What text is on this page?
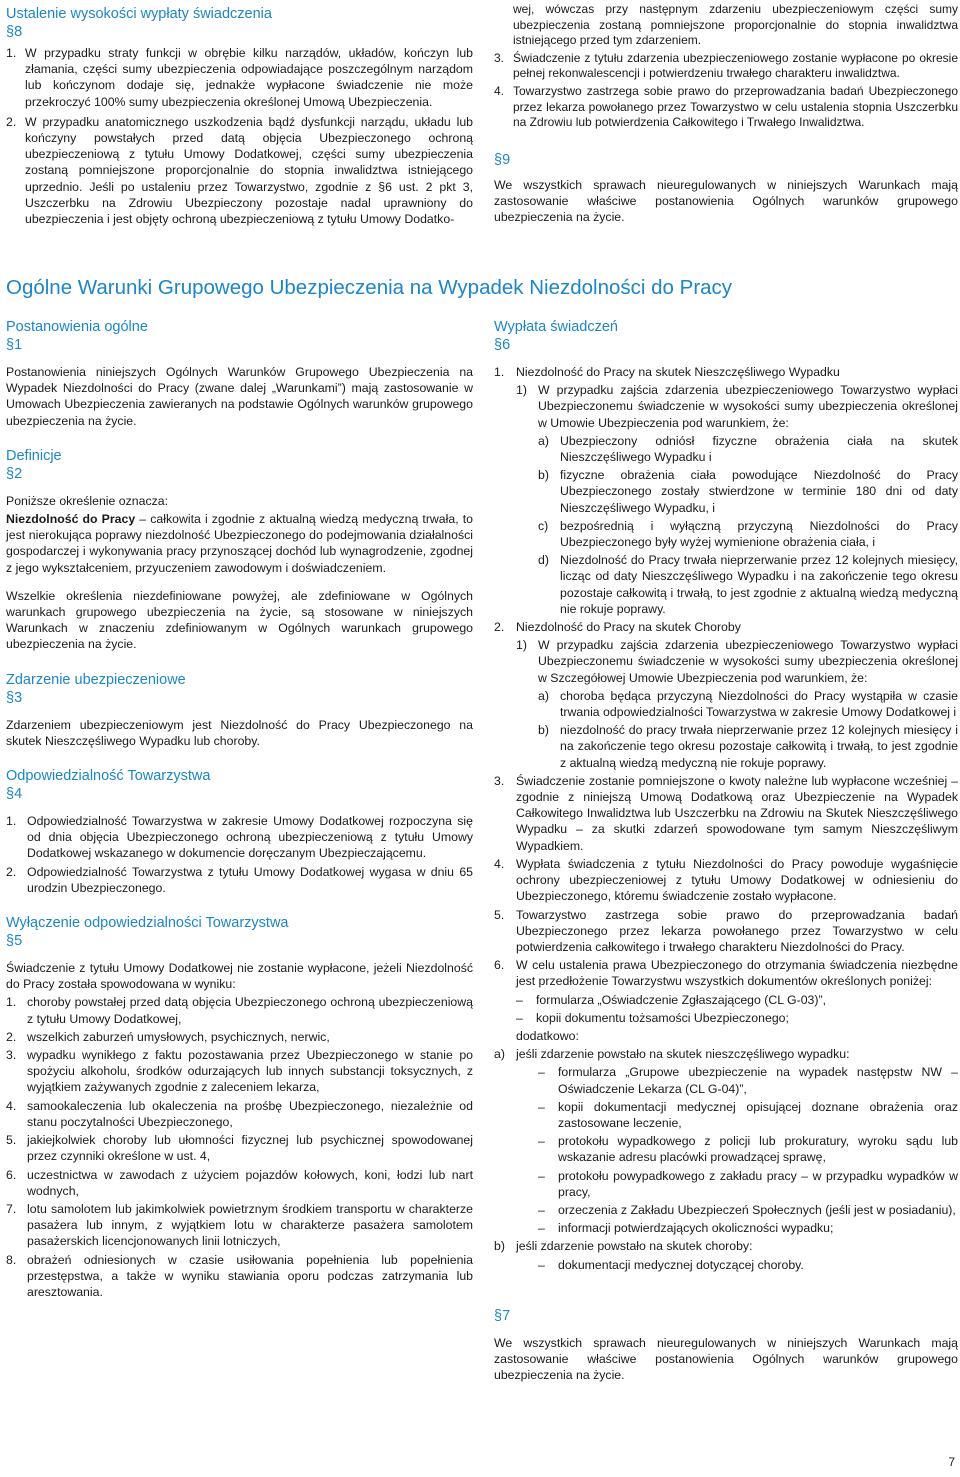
Ustalenie wysokości wypłaty świadczenia
§8
1. W przypadku straty funkcji w obrębie kilku narządów, układów, kończyn lub złamania, części sumy ubezpieczenia odpowiadające poszczególnym narządom lub kończynom dodaje się, jednakże wypłacone świadczenie nie może przekroczyć 100% sumy ubezpieczenia określonej Umową Ubezpieczenia.
2. W przypadku anatomicznego uszkodzenia bądź dysfunkcji narządu, układu lub kończyny powstałych przed datą objęcia Ubezpieczonego ochroną ubezpieczeniową z tytułu Umowy Dodatkowej, części sumy ubezpieczenia zostaną pomniejszone proporcjonalnie do stopnia inwalidztwa istniejącego uprzednio. Jeśli po ustaleniu przez Towarzystwo, zgodnie z §6 ust. 2 pkt 3, Uszczerbku na Zdrowiu Ubezpieczony pozostaje nadal uprawniony do ubezpieczenia i jest objęty ochroną ubezpieczeniową z tytułu Umowy Dodatko-
wej, wówczas przy następnym zdarzeniu ubezpieczeniowym części sumy ubezpieczenia zostaną pomniejszone proporcjonalnie do stopnia inwalidztwa istniejącego przed tym zdarzeniem.
3. Świadczenie z tytułu zdarzenia ubezpieczeniowego zostanie wypłacone po okresie pełnej rekonwalescencji i potwierdzeniu trwałego charakteru inwalidztwa.
4. Towarzystwo zastrzega sobie prawo do przeprowadzania badań Ubezpieczonego przez lekarza powołanego przez Towarzystwo w celu ustalenia stopnia Uszczerbku na Zdrowiu lub potwierdzenia Całkowitego i Trwałego Inwalidztwa.
§9

We wszystkich sprawach nieuregulowanych w niniejszych Warunkach mają zastosowanie właściwe postanowienia Ogólnych warunków grupowego ubezpieczenia na życie.

Ogólne Warunki Grupowego Ubezpieczenia na Wypadek Niezdolności do Pracy
Postanowienia ogólne
§1

Postanowienia niniejszych Ogólnych Warunków Grupowego Ubezpieczenia na Wypadek Niezdolności do Pracy (zwane dalej „Warunkami”) mają zastosowanie w Umowach Ubezpieczenia zawieranych na podstawie Ogólnych warunków grupowego ubezpieczenia na życie.

Definicje
§2

Poniższe określenie oznacza:

Niezdolność do Pracy – całkowita i zgodnie z aktualną wiedzą medyczną trwała, to jest nierokująca poprawy niezdolność Ubezpieczonego do podejmowania działalności gospodarczej i wykonywania pracy przynoszącej dochód lub wynagrodzenie, zgodnej z jego wykształceniem, przyuczeniem zawodowym i doświadczeniem.

Wszelkie określenia niezdefiniowane powyżej, ale zdefiniowane w Ogólnych warunkach grupowego ubezpieczenia na życie, są stosowane w niniejszych Warunkach w znaczeniu zdefiniowanym w Ogólnych warunkach grupowego ubezpieczenia na życie.

Zdarzenie ubezpieczeniowe
§3

Zdarzeniem ubezpieczeniowym jest Niezdolność do Pracy Ubezpieczonego na skutek Nieszczęśliwego Wypadku lub choroby.

Odpowiedzialność Towarzystwa
§4
1. Odpowiedzialność Towarzystwa w zakresie Umowy Dodatkowej rozpoczyna się od dnia objęcia Ubezpieczonego ochroną ubezpieczeniową z tytułu Umowy Dodatkowej wskazanego w dokumencie doręczanym Ubezpieczającemu.
2. Odpowiedzialność Towarzystwa z tytułu Umowy Dodatkowej wygasa w dniu 65 urodzin Ubezpieczonego.
Wyłączenie odpowiedzialności Towarzystwa
§5

Świadczenie z tytułu Umowy Dodatkowej nie zostanie wypłacone, jeżeli Niezdolność do Pracy została spowodowana w wyniku:

1. choroby powstałej przed datą objęcia Ubezpieczonego ochroną ubezpieczeniową z tytułu Umowy Dodatkowej,
2. wszelkich zaburzeń umysłowych, psychicznych, nerwic,
3. wypadku wynikłego z faktu pozostawania przez Ubezpieczonego w stanie po spożyciu alkoholu, środków odurzających lub innych substancji toksycznych, z wyjątkiem zażywanych zgodnie z zaleceniem lekarza,
4. samookaleczenia lub okaleczenia na prośbę Ubezpieczonego, niezależnie od stanu poczytalności Ubezpieczonego,
5. jakiejkolwiek choroby lub ułomności fizycznej lub psychicznej spowodowanej przez czynniki określone w ust. 4,
6. uczestnictwa w zawodach z użyciem pojazdów kołowych, koni, łodzi lub nart wodnych,
7. lotu samolotem lub jakimkolwiek powietrznym środkiem transportu w charakterze pasażera lub innym, z wyjątkiem lotu w charakterze pasażera samolotem pasażerskich licencjonowanych linii lotniczych,
8. obrażeń odniesionych w czasie usiłowania popełnienia lub popełnienia przestępstwa, a także w wyniku stawiania oporu podczas zatrzymania lub aresztowania.
Wypłata świadczeń
§6
1. Niezdolność do Pracy na skutek Nieszczęśliwego Wypadku
1) W przypadku zajścia zdarzenia ubezpieczeniowego Towarzystwo wypłaci Ubezpieczonemu świadczenie w wysokości sumy ubezpieczenia określonej w Umowie Ubezpieczenia pod warunkiem, że:
a) Ubezpieczony odniósł fizyczne obrażenia ciała na skutek Nieszczęśliwego Wypadku i
b) fizyczne obrażenia ciała powodujące Niezdolność do Pracy Ubezpieczonego zostały stwierdzone w terminie 180 dni od daty Nieszczęśliwego Wypadku, i
c) bezpośrednią i wyłączną przyczyną Niezdolności do Pracy Ubezpieczonego były wyżej wymienione obrażenia ciała, i
d) Niezdolność do Pracy trwała nieprzerwanie przez 12 kolejnych miesięcy, licząc od daty Nieszczęśliwego Wypadku i na zakończenie tego okresu pozostaje całkowitą i trwałą, to jest zgodnie z aktualną wiedzą medyczną nie rokuje poprawy.
2. Niezdolność do Pracy na skutek Choroby
1) W przypadku zajścia zdarzenia ubezpieczeniowego Towarzystwo wypłaci Ubezpieczonemu świadczenie w wysokości sumy ubezpieczenia określonej w Szczegółowej Umowie Ubezpieczenia pod warunkiem, że:
a) choroba będąca przyczyną Niezdolności do Pracy wystąpiła w czasie trwania odpowiedzialności Towarzystwa w zakresie Umowy Dodatkowej i
b) niezdolność do pracy trwała nieprzerwanie przez 12 kolejnych miesięcy i na zakończenie tego okresu pozostaje całkowitą i trwałą, to jest zgodnie z aktualną wiedzą medyczną nie rokuje poprawy.
3. Świadczenie zostanie pomniejszone o kwoty należne lub wypłacone wcześniej – zgodnie z niniejszą Umową Dodatkową oraz Ubezpieczenie na Wypadek Całkowitego Inwalidztwa lub Uszczerbku na Zdrowiu na Skutek Nieszczęśliwego Wypadku – za skutki zdarzeń spowodowane tym samym Nieszczęśliwym Wypadkiem.
4. Wypłata świadczenia z tytułu Niezdolności do Pracy powoduje wygaśnięcie ochrony ubezpieczeniowej z tytułu Umowy Dodatkowej w odniesieniu do Ubezpieczonego, któremu świadczenie zostało wypłacone.
5. Towarzystwo zastrzega sobie prawo do przeprowadzania badań Ubezpieczonego przez lekarza powołanego przez Towarzystwo w celu potwierdzenia całkowitego i trwałego charakteru Niezdolności do Pracy.
6. W celu ustalenia prawa Ubezpieczonego do otrzymania świadczenia niezbędne jest przedłożenie Towarzystwu wszystkich dokumentów określonych poniżej:
–	formularza „Oświadczenie Zgłaszającego (CL G-03)”,
–	kopii dokumentu tożsamości Ubezpieczonego;
dodatkowo:
a) jeśli zdarzenie powstało na skutek nieszczęśliwego wypadku:
–	formularza „Grupowe ubezpieczenie na wypadek następstw NW – Oświadczenie Lekarza (CL G-04)”,
–	kopii dokumentacji medycznej opisującej doznane obrażenia oraz zastosowane leczenie,
–	protokołu wypadkowego z policji lub prokuratury, wyroku sądu lub wskazanie adresu placówki prowadzącej sprawę,
–	protokołu powypadkowego z zakładu pracy – w przypadku wypadków w pracy,
–	orzeczenia z Zakładu Ubezpieczeń Społecznych (jeśli jest w posiadaniu),
–	informacji potwierdzających okoliczności wypadku;
b) jeśli zdarzenie powstało na skutek choroby:
–	dokumentacji medycznej dotyczącej choroby.
§7

We wszystkich sprawach nieuregulowanych w niniejszych Warunkach mają zastosowanie właściwe postanowienia Ogólnych warunków grupowego ubezpieczenia na życie.

7
